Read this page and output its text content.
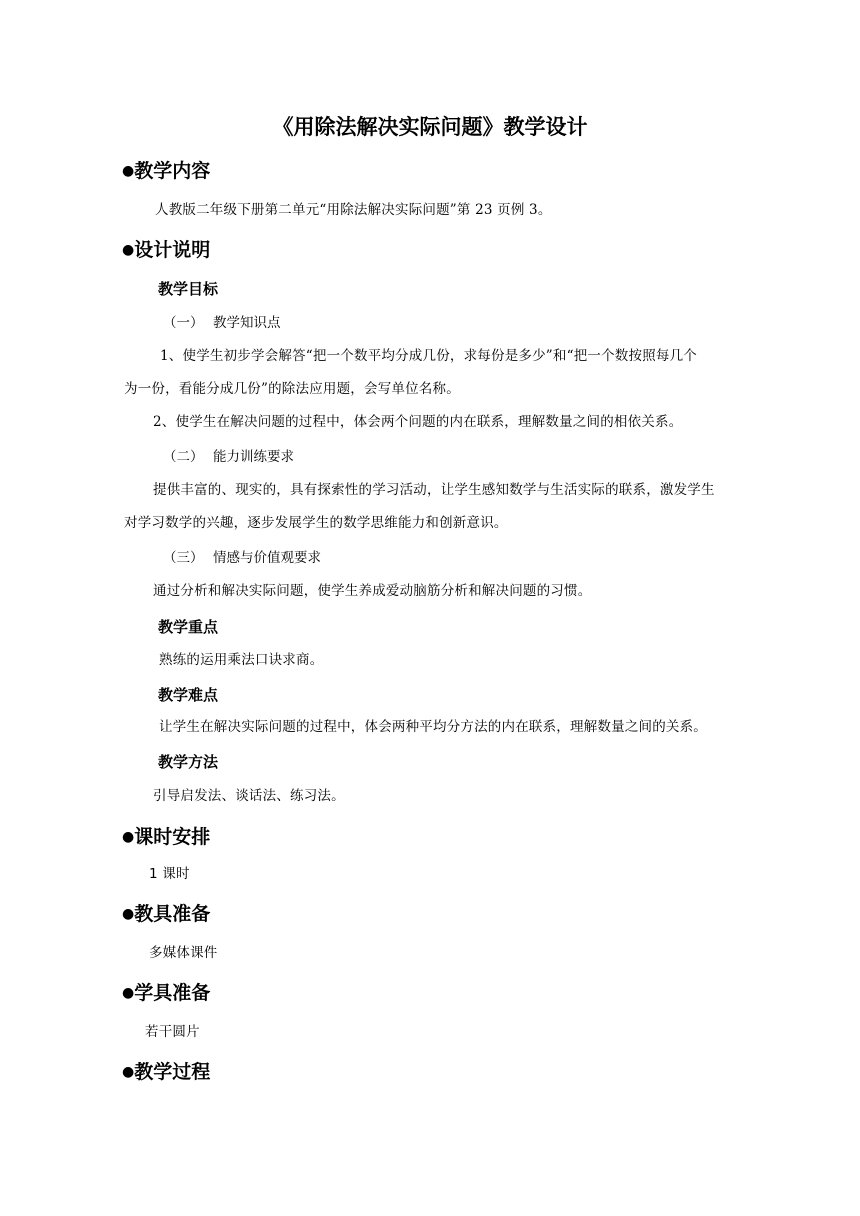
《用除法解决实际问题》教学设计
●教学内容
人教版二年级下册第二单元“用除法解决实际问题”第 23 页例 3。
●设计说明
教学目标
（一） 教学知识点
1、使学生初步学会解答“把一个数平均分成几份，求每份是多少”和“把一个数按照每几个
为一份，看能分成几份”的除法应用题，会写单位名称。
2、使学生在解决问题的过程中，体会两个问题的内在联系，理解数量之间的相依关系。
（二） 能力训练要求
提供丰富的、现实的，具有探索性的学习活动，让学生感知数学与生活实际的联系，激发学生
对学习数学的兴趣，逐步发展学生的数学思维能力和创新意识。
（三） 情感与价值观要求
通过分析和解决实际问题，使学生养成爱动脑筋分析和解决问题的习惯。
教学重点
熟练的运用乘法口诀求商。
教学难点
让学生在解决实际问题的过程中，体会两种平均分方法的内在联系，理解数量之间的关系。
教学方法
引导启发法、谈话法、练习法。
●课时安排
1 课时
●教具准备
多媒体课件
●学具准备
若干圆片
●教学过程
